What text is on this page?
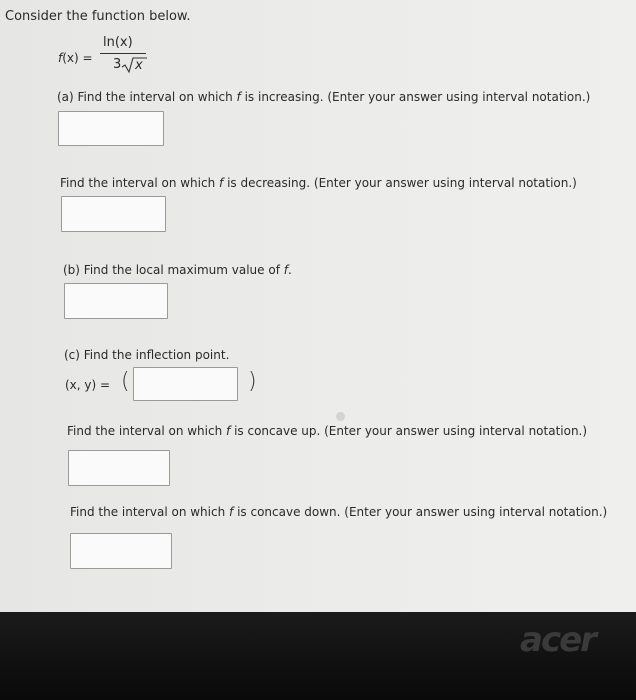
Consider the function below.
f(x) =
ln(x)
3 x
(a) Find the interval on which f is increasing. (Enter your answer using interval notation.)
Find the interval on which f is decreasing. (Enter your answer using interval notation.)
(b) Find the local maximum value of f.
(c) Find the inflection point.
(x, y) = (	)
Find the interval on which f is concave up. (Enter your answer using interval notation.)
Find the interval on which f is concave down. (Enter your answer using interval notation.)
acer
